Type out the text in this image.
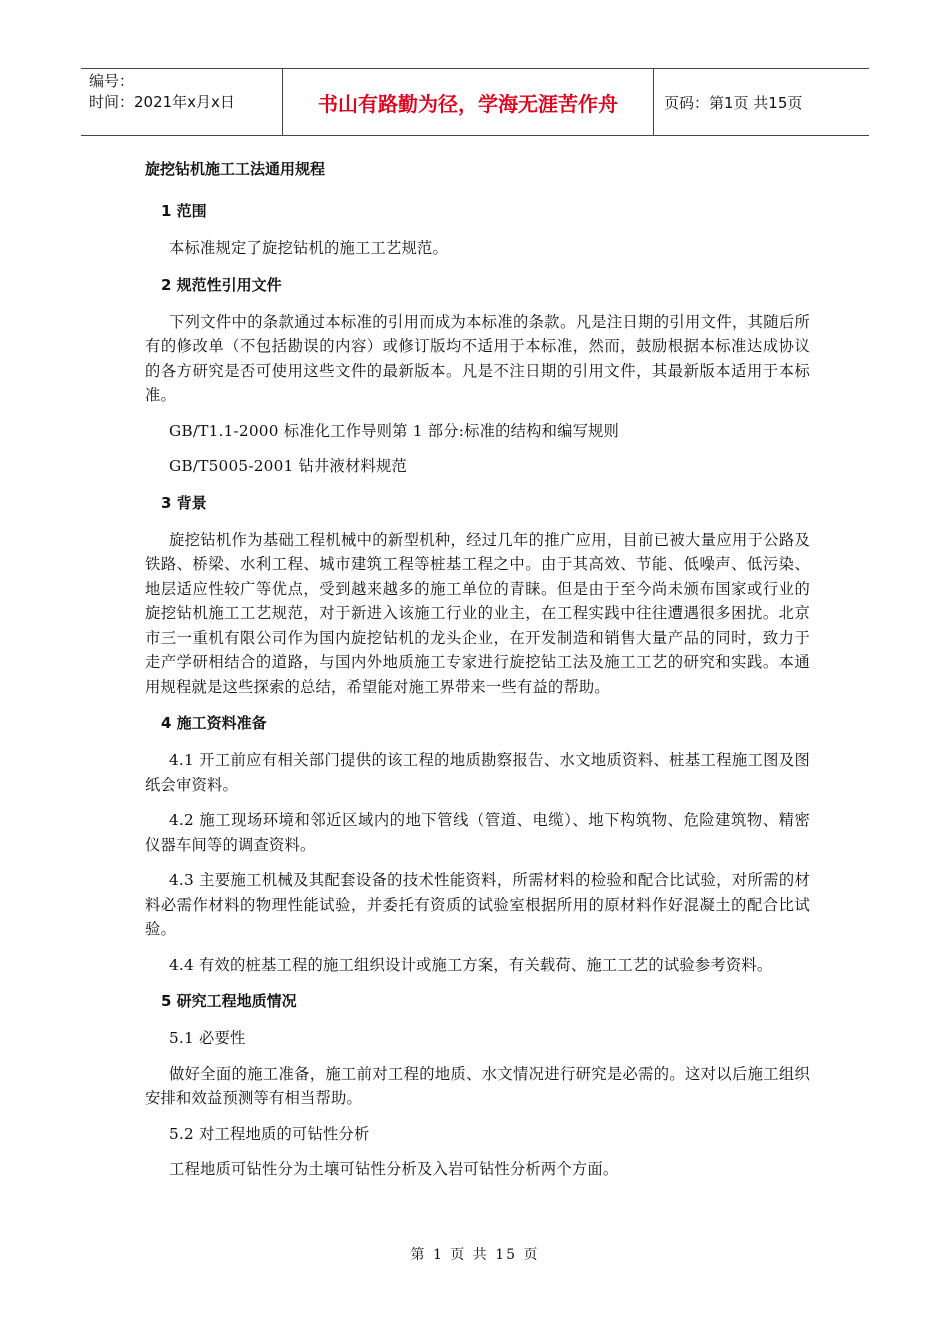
编号：
时间：2021年x月x日	书山有路勤为径，学海无涯苦作舟	页码：第1页 共15页
旋挖钻机施工工法通用规程
1 范围

本标准规定了旋挖钻机的施工工艺规范。

2 规范性引用文件

下列文件中的条款通过本标准的引用而成为本标准的条款。凡是注日期的引用文件，其随后所有的修改单（不包括勘误的内容）或修订版均不适用于本标准，然而，鼓励根据本标准达成协议的各方研究是否可使用这些文件的最新版本。凡是不注日期的引用文件，其最新版本适用于本标准。

GB/T1.1-2000 标准化工作导则第 1 部分:标准的结构和编写规则

GB/T5005-2001 钻井液材料规范

3 背景

旋挖钻机作为基础工程机械中的新型机种，经过几年的推广应用，目前已被大量应用于公路及铁路、桥梁、水利工程、城市建筑工程等桩基工程之中。由于其高效、节能、低噪声、低污染、地层适应性较广等优点，受到越来越多的施工单位的青睐。但是由于至今尚未颁布国家或行业的旋挖钻机施工工艺规范，对于新进入该施工行业的业主，在工程实践中往往遭遇很多困扰。北京市三一重机有限公司作为国内旋挖钻机的龙头企业，在开发制造和销售大量产品的同时，致力于走产学研相结合的道路，与国内外地质施工专家进行旋挖钻工法及施工工艺的研究和实践。本通用规程就是这些探索的总结，希望能对施工界带来一些有益的帮助。

4 施工资料准备

4.1 开工前应有相关部门提供的该工程的地质勘察报告、水文地质资料、桩基工程施工图及图纸会审资料。

4.2 施工现场环境和邻近区域内的地下管线（管道、电缆）、地下构筑物、危险建筑物、精密仪器车间等的调查资料。

4.3 主要施工机械及其配套设备的技术性能资料，所需材料的检验和配合比试验，对所需的材料必需作材料的物理性能试验，并委托有资质的试验室根据所用的原材料作好混凝土的配合比试验。

4.4 有效的桩基工程的施工组织设计或施工方案，有关载荷、施工工艺的试验参考资料。

5 研究工程地质情况

5.1 必要性

做好全面的施工准备，施工前对工程的地质、水文情况进行研究是必需的。这对以后施工组织安排和效益预测等有相当帮助。

5.2 对工程地质的可钻性分析

工程地质可钻性分为土壤可钻性分析及入岩可钻性分析两个方面。

第 1 页 共 15 页
